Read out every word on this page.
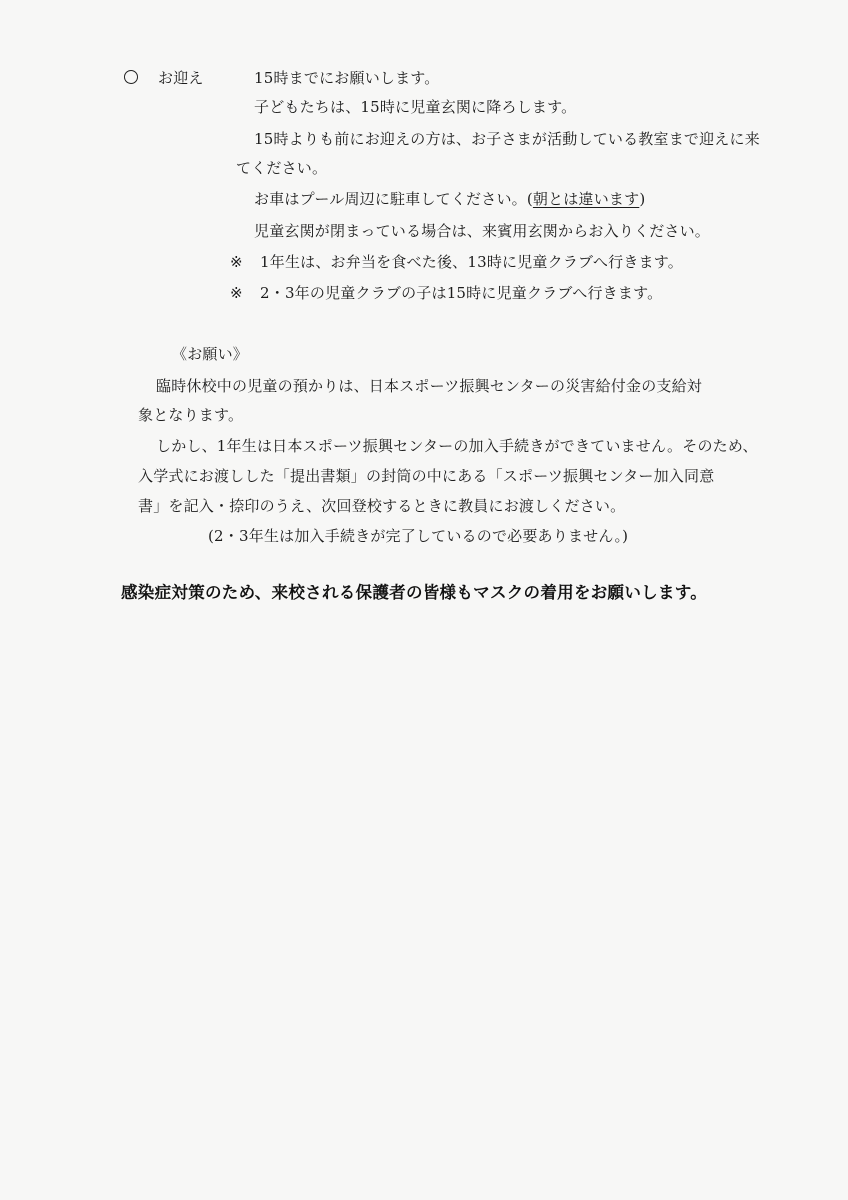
お迎え	15時までにお願いします。
子どもたちは、15時に児童玄関に降ろします。
15時よりも前にお迎えの方は、お子さまが活動している教室まで迎えに来
てください。
お車はプール周辺に駐車してください。(朝とは違います)
児童玄関が閉まっている場合は、来賓用玄関からお入りください。
※ 1年生は、お弁当を食べた後、13時に児童クラブへ行きます。
※ 2・3年の児童クラブの子は15時に児童クラブへ行きます。
《お願い》
臨時休校中の児童の預かりは、日本スポーツ振興センターの災害給付金の支給対
象となります。
しかし、1年生は日本スポーツ振興センターの加入手続きができていません。そのため、
入学式にお渡しした「提出書類」の封筒の中にある「スポーツ振興センター加入同意
書」を記入・捺印のうえ、次回登校するときに教員にお渡しください。
(2・3年生は加入手続きが完了しているので必要ありません。)
感染症対策のため、来校される保護者の皆様もマスクの着用をお願いします。
